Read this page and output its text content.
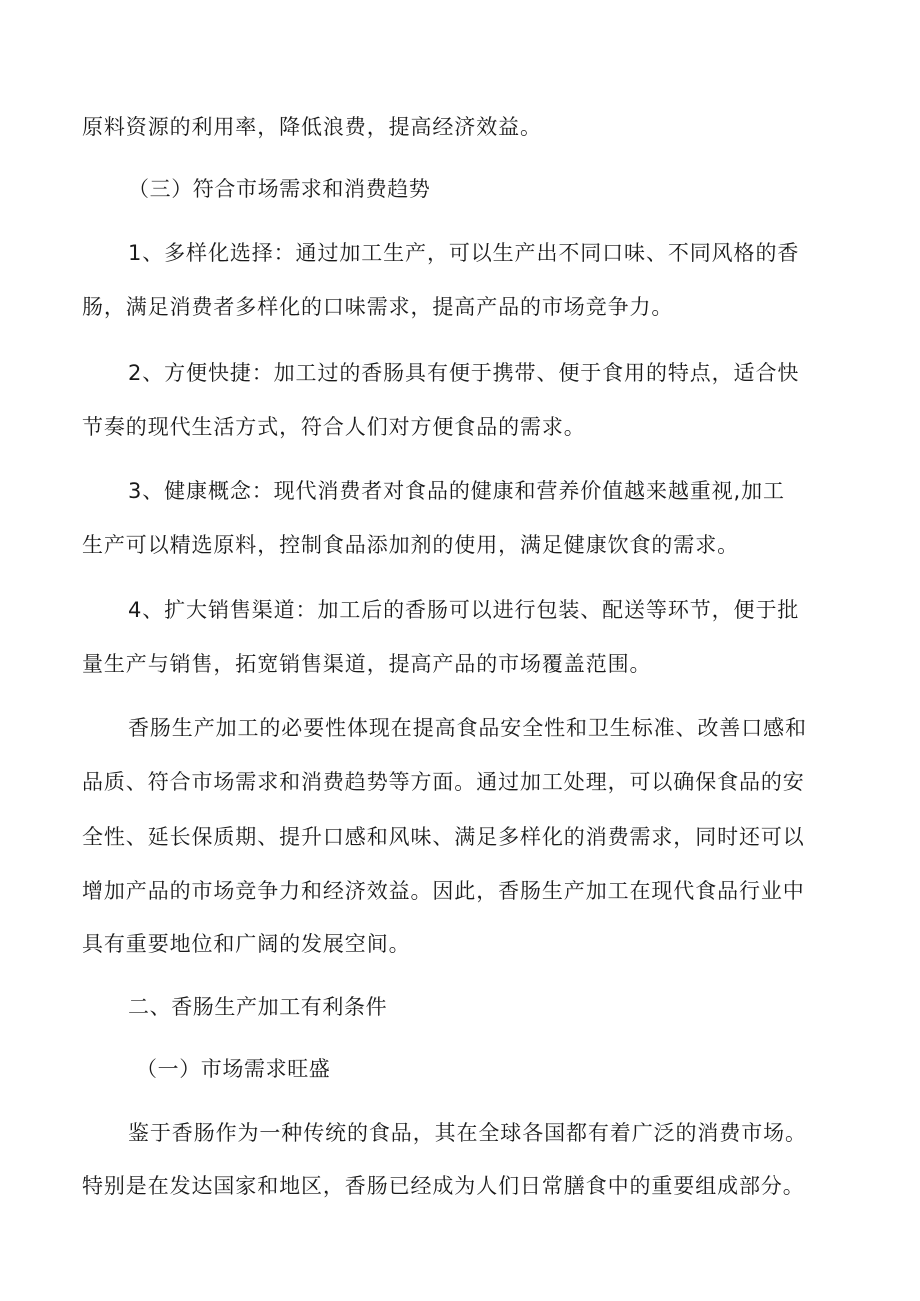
原料资源的利用率，降低浪费，提高经济效益。
（三）符合市场需求和消费趋势
1、多样化选择：通过加工生产，可以生产出不同口味、不同风格的香
肠，满足消费者多样化的口味需求，提高产品的市场竞争力。
2、方便快捷：加工过的香肠具有便于携带、便于食用的特点，适合快
节奏的现代生活方式，符合人们对方便食品的需求。
3、健康概念：现代消费者对食品的健康和营养价值越来越重视,加工
生产可以精选原料，控制食品添加剂的使用，满足健康饮食的需求。
4、扩大销售渠道：加工后的香肠可以进行包装、配送等环节，便于批
量生产与销售，拓宽销售渠道，提高产品的市场覆盖范围。
香肠生产加工的必要性体现在提高食品安全性和卫生标准、改善口感和
品质、符合市场需求和消费趋势等方面。通过加工处理，可以确保食品的安
全性、延长保质期、提升口感和风味、满足多样化的消费需求，同时还可以
增加产品的市场竞争力和经济效益。因此，香肠生产加工在现代食品行业中
具有重要地位和广阔的发展空间。
二、香肠生产加工有利条件
（一）市场需求旺盛
鉴于香肠作为一种传统的食品，其在全球各国都有着广泛的消费市场。
特别是在发达国家和地区，香肠已经成为人们日常膳食中的重要组成部分。
